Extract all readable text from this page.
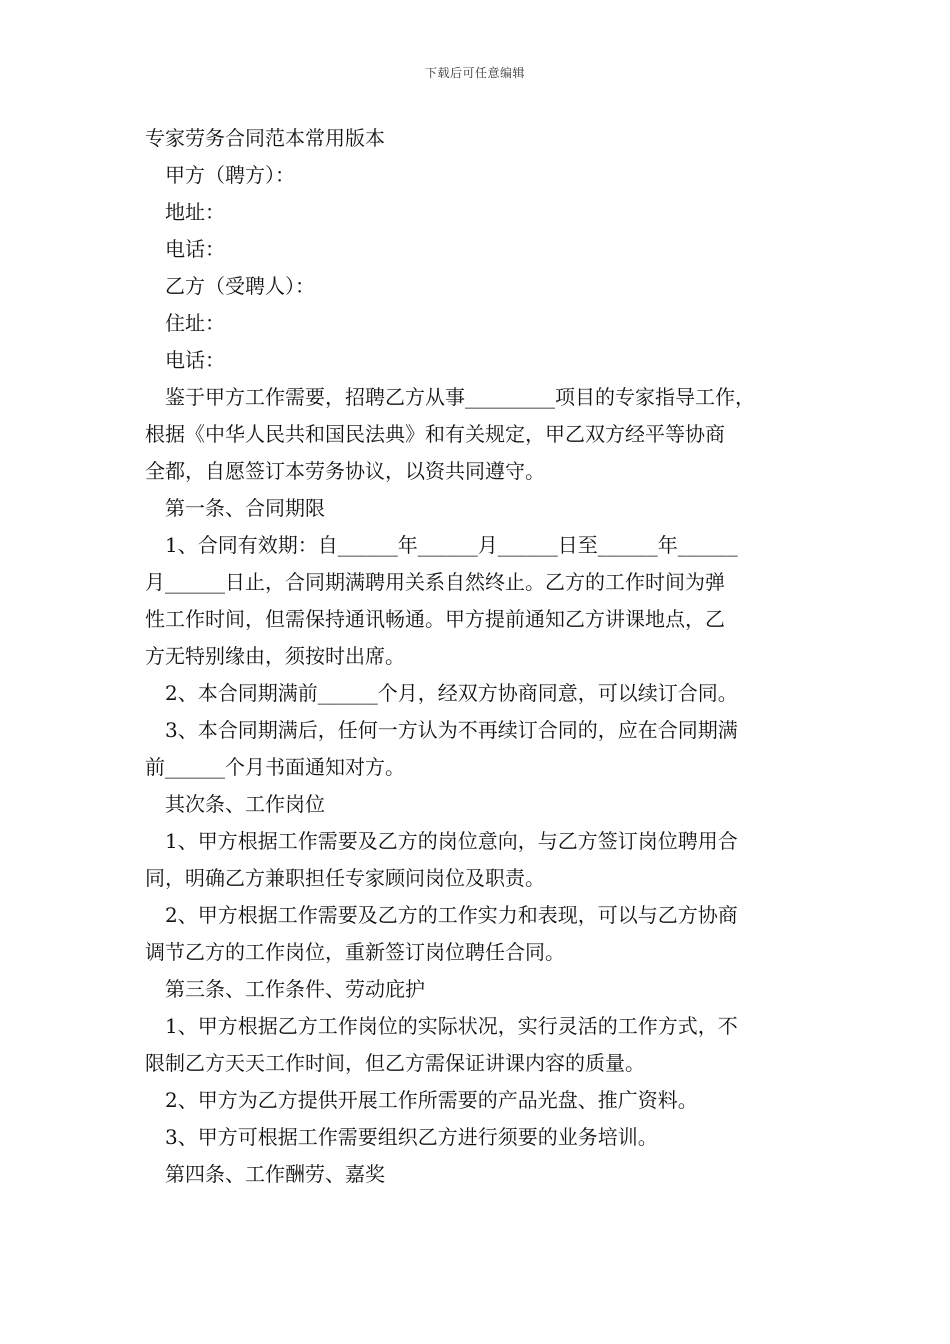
下载后可任意编辑
专家劳务合同范本常用版本
甲方（聘方）：
地址：
电话：
乙方（受聘人）：
住址：
电话：
鉴于甲方工作需要，招聘乙方从事_________项目的专家指导工作，
根据《中华人民共和国民法典》和有关规定，甲乙双方经平等协商
全都，自愿签订本劳务协议，以资共同遵守。
第一条、合同期限
1、合同有效期：自______年______月______日至______年______
月______日止，合同期满聘用关系自然终止。乙方的工作时间为弹
性工作时间，但需保持通讯畅通。甲方提前通知乙方讲课地点，乙
方无特别缘由，须按时出席。
2、本合同期满前______个月，经双方协商同意，可以续订合同。
3、本合同期满后，任何一方认为不再续订合同的，应在合同期满
前______个月书面通知对方。
其次条、工作岗位
1、甲方根据工作需要及乙方的岗位意向，与乙方签订岗位聘用合
同，明确乙方兼职担任专家顾问岗位及职责。
2、甲方根据工作需要及乙方的工作实力和表现，可以与乙方协商
调节乙方的工作岗位，重新签订岗位聘任合同。
第三条、工作条件、劳动庇护
1、甲方根据乙方工作岗位的实际状况，实行灵活的工作方式，不
限制乙方天天工作时间，但乙方需保证讲课内容的质量。
2、甲方为乙方提供开展工作所需要的产品光盘、推广资料。
3、甲方可根据工作需要组织乙方进行须要的业务培训。
第四条、工作酬劳、嘉奖
